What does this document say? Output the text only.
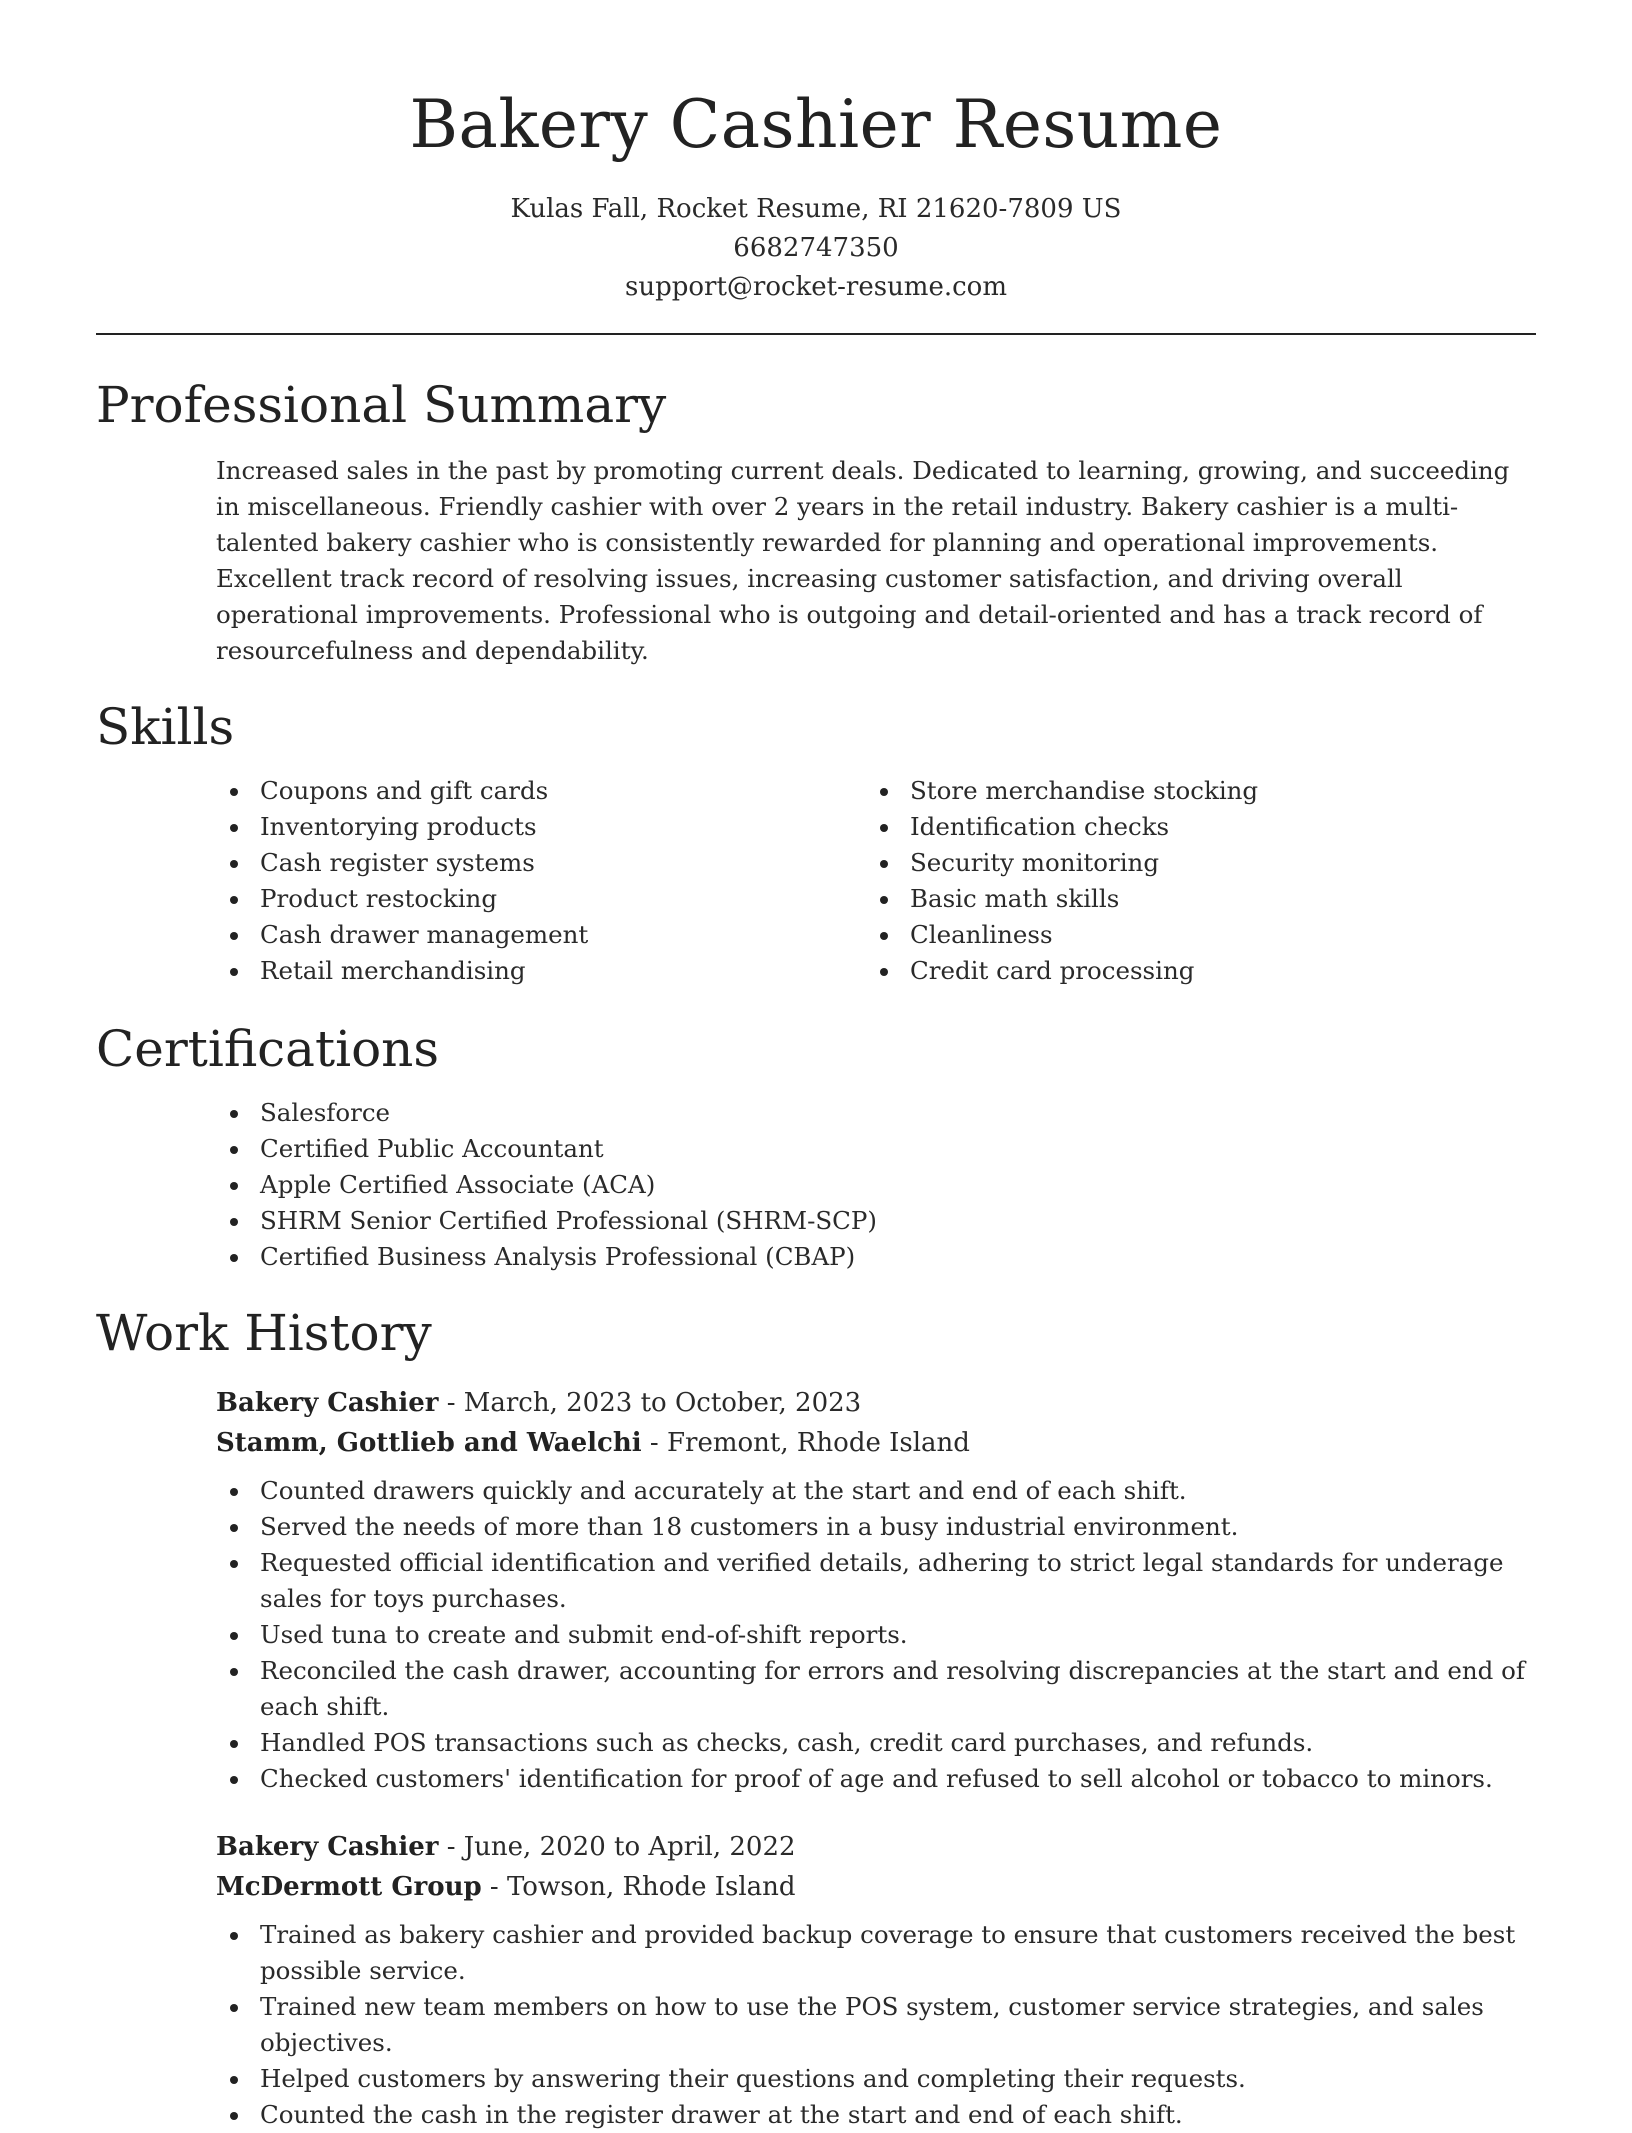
Bakery Cashier Resume
Kulas Fall, Rocket Resume, RI 21620-7809 US
6682747350
support@rocket-resume.com
Professional Summary

Increased sales in the past by promoting current deals. Dedicated to learning, growing, and succeeding in miscellaneous. Friendly cashier with over 2 years in the retail industry. Bakery cashier is a multi-talented bakery cashier who is consistently rewarded for planning and operational improvements. Excellent track record of resolving issues, increasing customer satisfaction, and driving overall operational improvements. Professional who is outgoing and detail-oriented and has a track record of resourcefulness and dependability.

Skills
Coupons and gift cards
Inventorying products
Cash register systems
Product restocking
Cash drawer management
Retail merchandising
Store merchandise stocking
Identification checks
Security monitoring
Basic math skills
Cleanliness
Credit card processing
Certifications
Salesforce
Certified Public Accountant
Apple Certified Associate (ACA)
SHRM Senior Certified Professional (SHRM-SCP)
Certified Business Analysis Professional (CBAP)
Work History
Bakery Cashier - March, 2023 to October, 2023
Stamm, Gottlieb and Waelchi - Fremont, Rhode Island
Counted drawers quickly and accurately at the start and end of each shift.
Served the needs of more than 18 customers in a busy industrial environment.
Requested official identification and verified details, adhering to strict legal standards for underage sales for toys purchases.
Used tuna to create and submit end-of-shift reports.
Reconciled the cash drawer, accounting for errors and resolving discrepancies at the start and end of each shift.
Handled POS transactions such as checks, cash, credit card purchases, and refunds.
Checked customers' identification for proof of age and refused to sell alcohol or tobacco to minors.
Bakery Cashier - June, 2020 to April, 2022
McDermott Group - Towson, Rhode Island
Trained as bakery cashier and provided backup coverage to ensure that customers received the best possible service.
Trained new team members on how to use the POS system, customer service strategies, and sales objectives.
Helped customers by answering their questions and completing their requests.
Counted the cash in the register drawer at the start and end of each shift.
